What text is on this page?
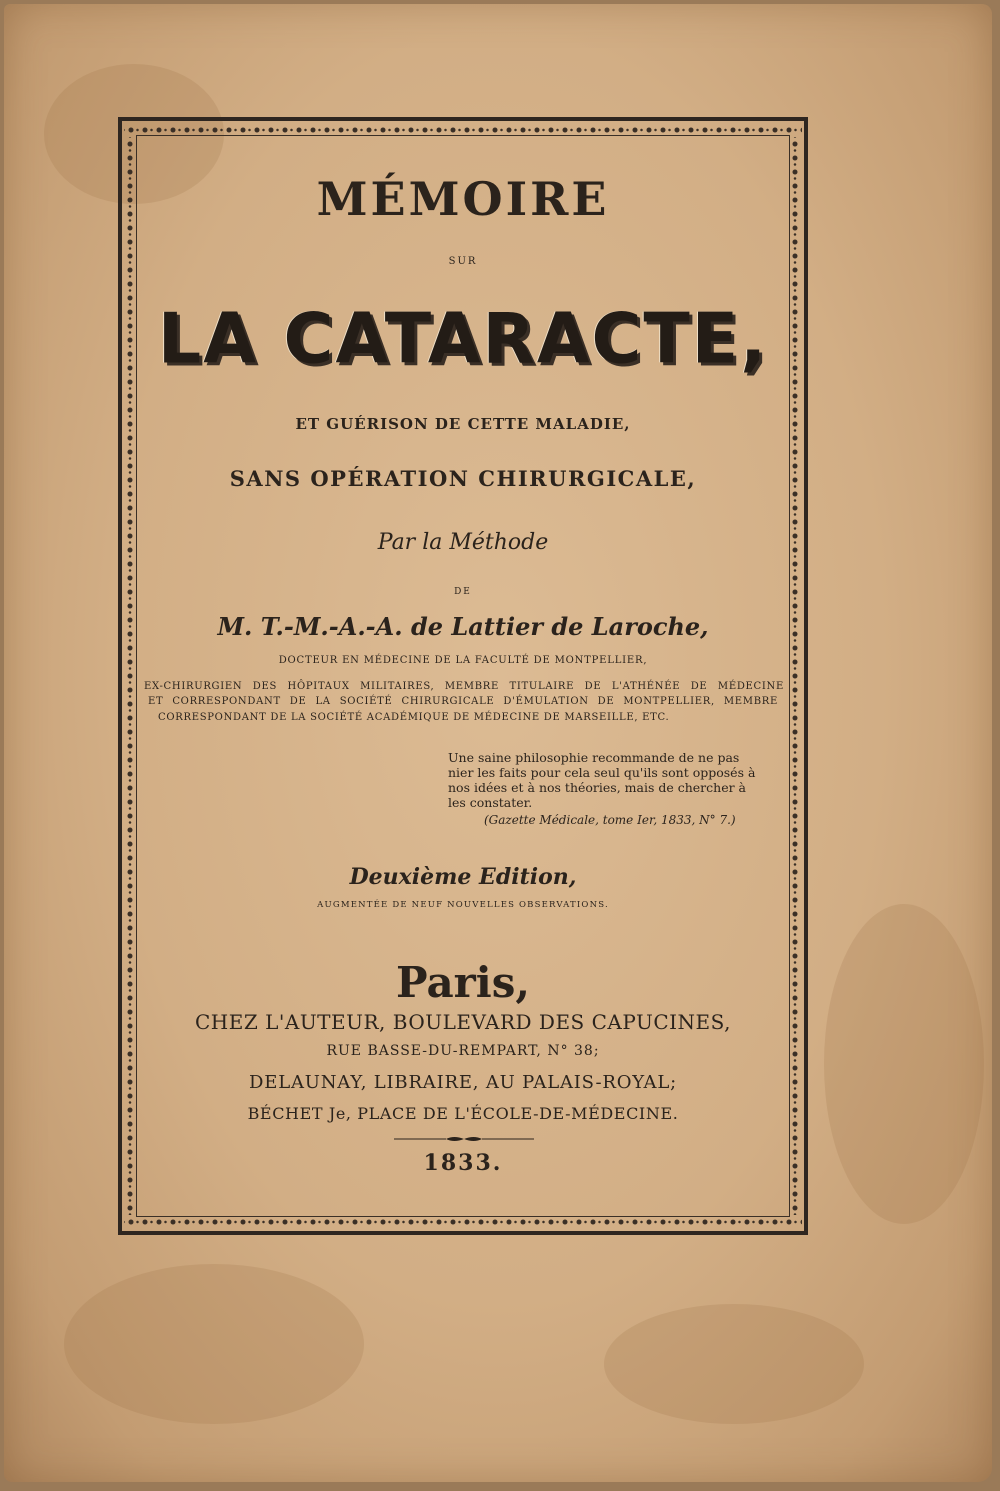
MÉMOIRE
SUR
LA CATARACTE,
ET GUÉRISON DE CETTE MALADIE,
SANS OPÉRATION CHIRURGICALE,
Par la Méthode
DE
M. T.-M.-A.-A. de Lattier de Laroche,
DOCTEUR EN MÉDECINE DE LA FACULTÉ DE MONTPELLIER,
EX-CHIRURGIEN DES HÔPITAUX MILITAIRES, MEMBRE TITULAIRE DE L'ATHÉNÉE DE MÉDECINE
ET CORRESPONDANT DE LA SOCIÉTÉ CHIRURGICALE D'ÉMULATION DE MONTPELLIER, MEMBRE
CORRESPONDANT DE LA SOCIÉTÉ ACADÉMIQUE DE MÉDECINE DE MARSEILLE, ETC.
Une saine philosophie recommande de ne pas nier les faits pour cela seul qu'ils sont opposés à nos idées et à nos théories, mais de chercher à les constater.
(Gazette Médicale, tome Ier, 1833, N° 7.)
Deuxième Edition,
AUGMENTÉE DE NEUF NOUVELLES OBSERVATIONS.
Paris,
CHEZ L'AUTEUR, BOULEVARD DES CAPUCINES,
RUE BASSE-DU-REMPART, N° 38;
DELAUNAY, LIBRAIRE, AU PALAIS-ROYAL;
BÉCHET Je, PLACE DE L'ÉCOLE-DE-MÉDECINE.
1833.
